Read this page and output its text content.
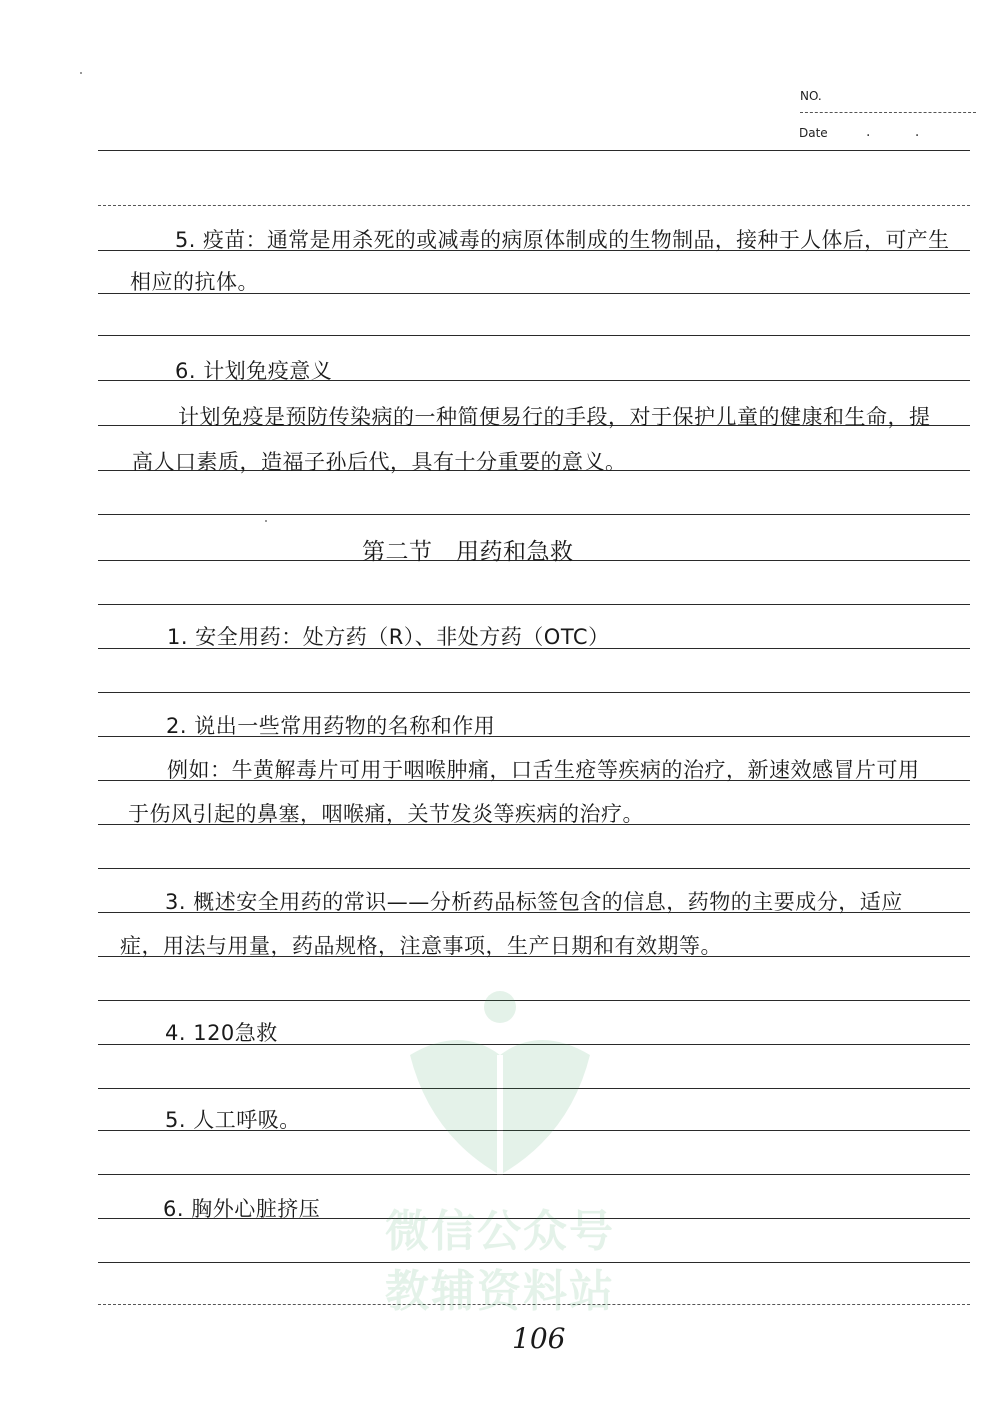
NO.
Date	. .
微信公众号
教辅资料站
5. 疫苗：通常是用杀死的或减毒的病原体制成的生物制品，接种于人体后，可产生
相应的抗体。
6. 计划免疫意义
计划免疫是预防传染病的一种简便易行的手段，对于保护儿童的健康和生命，提
高人口素质，造福子孙后代，具有十分重要的意义。
第二节　用药和急救
1. 安全用药：处方药（R）、非处方药（OTC）
2. 说出一些常用药物的名称和作用
例如：牛黄解毒片可用于咽喉肿痛，口舌生疮等疾病的治疗，新速效感冒片可用
于伤风引起的鼻塞，咽喉痛，关节发炎等疾病的治疗。
3. 概述安全用药的常识——分析药品标签包含的信息，药物的主要成分，适应
症，用法与用量，药品规格，注意事项，生产日期和有效期等。
4. 120急救
5. 人工呼吸。
6. 胸外心脏挤压
106
